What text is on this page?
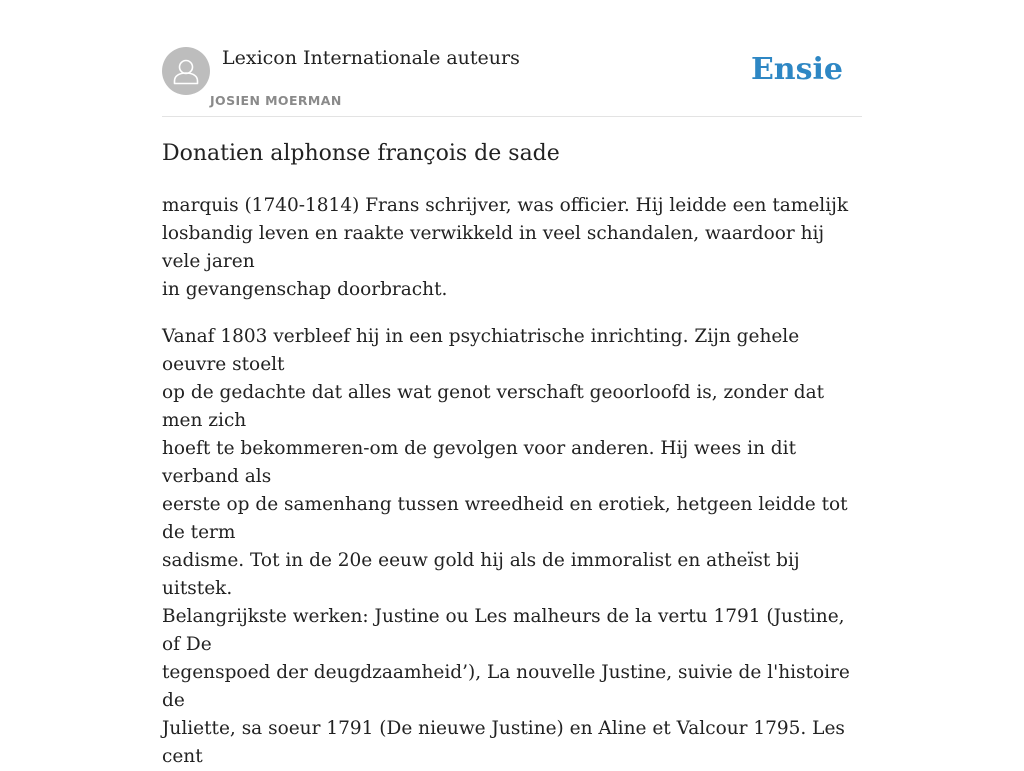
Lexicon Internationale auteurs
JOSIEN MOERMAN
Ensie
Donatien alphonse françois de sade

marquis (1740-1814) Frans schrijver, was officier. Hij leidde een tamelijk
losbandig leven en raakte verwikkeld in veel schandalen, waardoor hij vele jaren
in gevangenschap doorbracht.

Vanaf 1803 verbleef hij in een psychiatrische inrichting. Zijn gehele oeuvre stoelt
op de gedachte dat alles wat genot verschaft geoorloofd is, zonder dat men zich
hoeft te bekommeren-om de gevolgen voor anderen. Hij wees in dit verband als
eerste op de samenhang tussen wreedheid en erotiek, hetgeen leidde tot de term
sadisme. Tot in de 20e eeuw gold hij als de immoralist en atheïst bij uitstek.
Belangrijkste werken: Justine ou Les malheurs de la vertu 1791 (Justine, of De
tegenspoed der deugdzaamheid’), La nouvelle Justine, suivie de l'histoire de
Juliette, sa soeur 1791 (De nieuwe Justine) en Aline et Valcour 1795. Les cent
